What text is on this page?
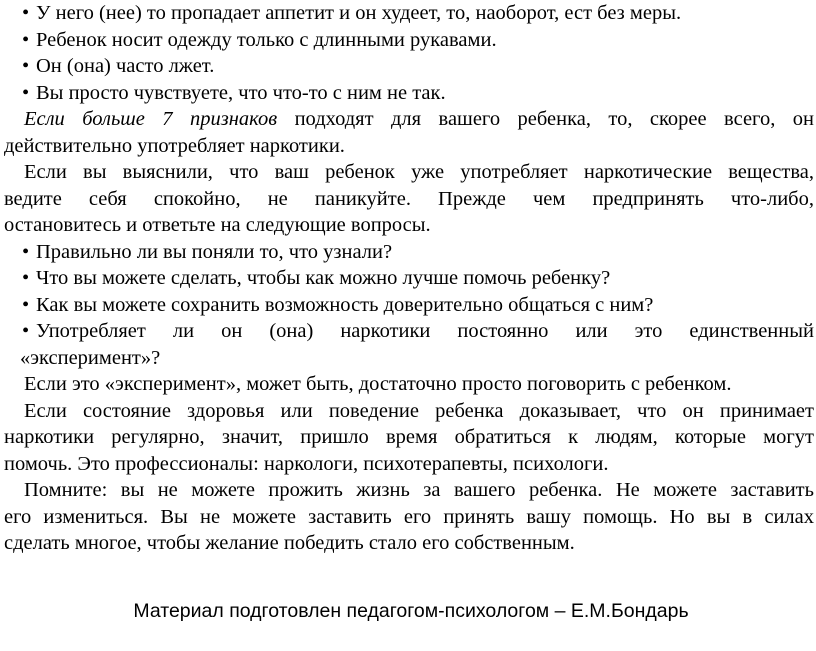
• У него (нее) то пропадает аппетит и он худеет, то, наоборот, ест без меры.
• Ребенок носит одежду только с длинными рукавами.
• Он (она) часто лжет.
• Вы просто чувствуете, что что-то с ним не так.
Если больше 7 признаков подходят для вашего ребенка, то, скорее всего, он
действительно употребляет наркотики.
Если вы выяснили, что ваш ребенок уже употребляет наркотические вещества,
ведите себя спокойно, не паникуйте. Прежде чем предпринять что-либо,
остановитесь и ответьте на следующие вопросы.
• Правильно ли вы поняли то, что узнали?
• Что вы можете сделать, чтобы как можно лучше помочь ребенку?
• Как вы можете сохранить возможность доверительно общаться с ним?
• Употребляет ли он (она) наркотики постоянно или это единственный
«эксперимент»?
Если это «эксперимент», может быть, достаточно просто поговорить с ребенком.
Если состояние здоровья или поведение ребенка доказывает, что он принимает
наркотики регулярно, значит, пришло время обратиться к людям, которые могут
помочь. Это профессионалы: наркологи, психотерапевты, психологи.
Помните: вы не можете прожить жизнь за вашего ребенка. Не можете заставить
его измениться. Вы не можете заставить его принять вашу помощь. Но вы в силах
сделать многое, чтобы желание победить стало его собственным.
Материал подготовлен педагогом-психологом – Е.М.Бондарь
